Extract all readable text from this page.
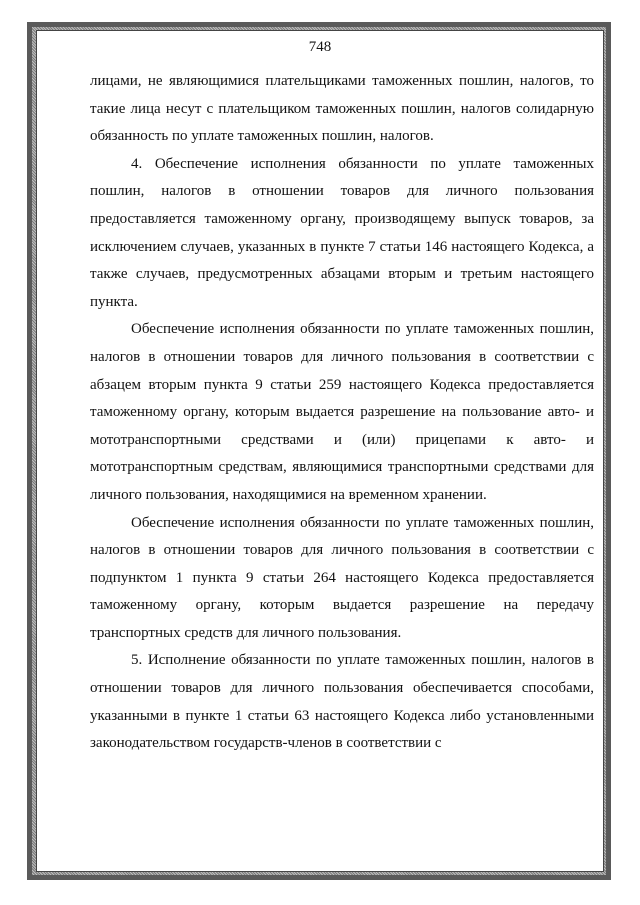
748

лицами, не являющимися плательщиками таможенных пошлин, налогов, то такие лица несут с плательщиком таможенных пошлин, налогов солидарную обязанность по уплате таможенных пошлин, налогов.

4. Обеспечение исполнения обязанности по уплате таможенных пошлин, налогов в отношении товаров для личного пользования предоставляется таможенному органу, производящему выпуск товаров, за исключением случаев, указанных в пункте 7 статьи 146 настоящего Кодекса, а также случаев, предусмотренных абзацами вторым и третьим настоящего пункта.

Обеспечение исполнения обязанности по уплате таможенных пошлин, налогов в отношении товаров для личного пользования в соответствии с абзацем вторым пункта 9 статьи 259 настоящего Кодекса предоставляется таможенному органу, которым выдается разрешение на пользование авто- и мототранспортными средствами и (или) прицепами к авто- и мототранспортным средствам, являющимися транспортными средствами для личного пользования, находящимися на временном хранении.

Обеспечение исполнения обязанности по уплате таможенных пошлин, налогов в отношении товаров для личного пользования в соответствии с подпунктом 1 пункта 9 статьи 264 настоящего Кодекса предоставляется таможенному органу, которым выдается разрешение на передачу транспортных средств для личного пользования.

5. Исполнение обязанности по уплате таможенных пошлин, налогов в отношении товаров для личного пользования обеспечивается способами, указанными в пункте 1 статьи 63 настоящего Кодекса либо установленными законодательством государств-членов в соответствии с
